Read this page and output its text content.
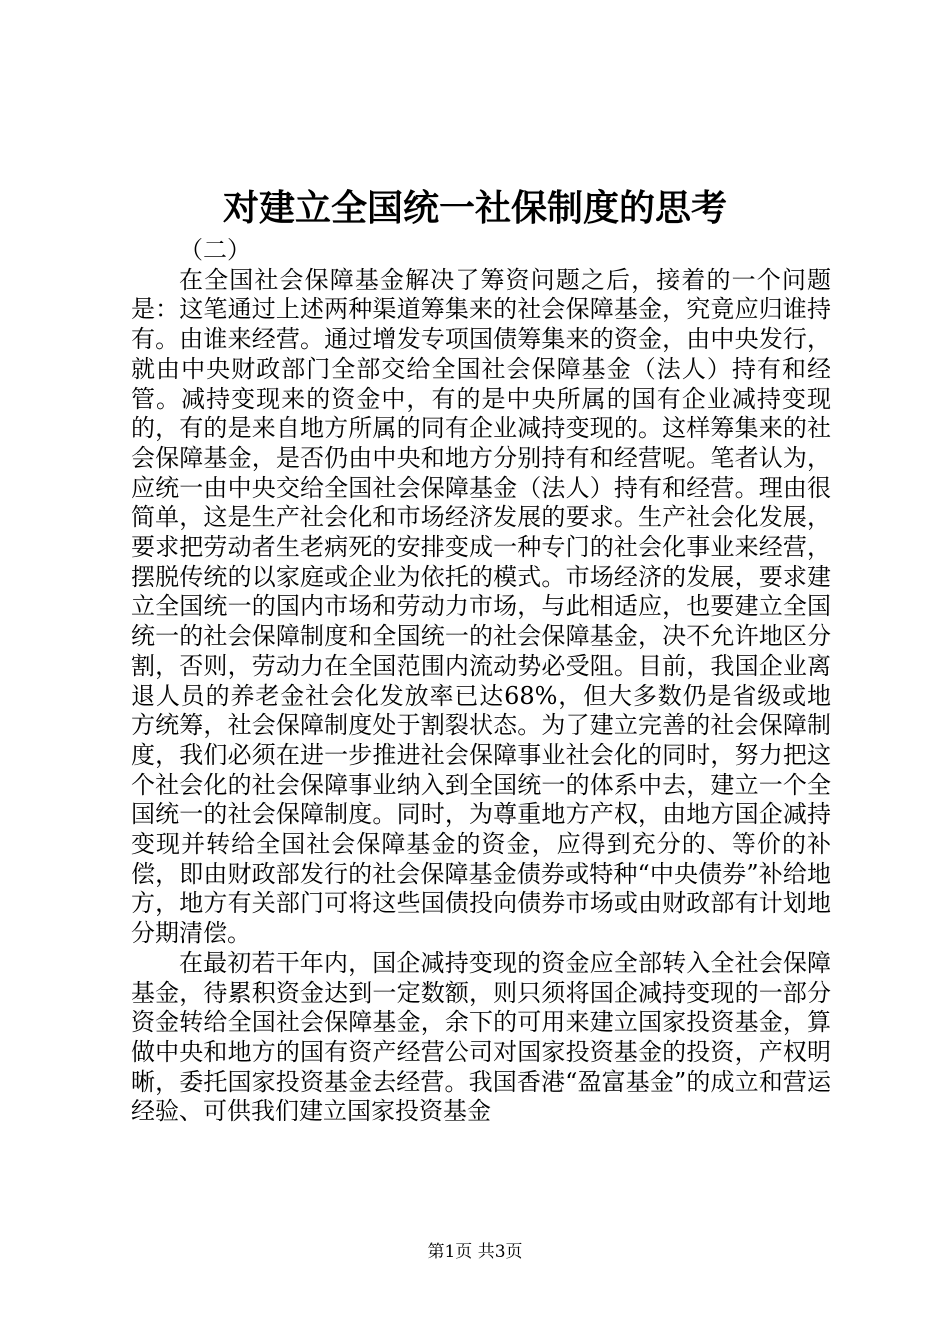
对建立全国统一社保制度的思考

（二）

在全国社会保障基金解决了筹资问题之后，接着的一个问题是：这笔通过上述两种渠道筹集来的社会保障基金，究竟应归谁持有。由谁来经营。通过增发专项国债筹集来的资金，由中央发行，就由中央财政部门全部交给全国社会保障基金（法人）持有和经管。减持变现来的资金中，有的是中央所属的国有企业减持变现的，有的是来自地方所属的同有企业减持变现的。这样筹集来的社会保障基金，是否仍由中央和地方分别持有和经营呢。笔者认为，应统一由中央交给全国社会保障基金（法人）持有和经营。理由很简单，这是生产社会化和市场经济发展的要求。生产社会化发展，要求把劳动者生老病死的安排变成一种专门的社会化事业来经营，摆脱传统的以家庭或企业为依托的模式。市场经济的发展，要求建立全国统一的国内市场和劳动力市场，与此相适应，也要建立全国统一的社会保障制度和全国统一的社会保障基金，决不允许地区分割，否则，劳动力在全国范围内流动势必受阻。目前，我国企业离退人员的养老金社会化发放率已达68%，但大多数仍是省级或地方统筹，社会保障制度处于割裂状态。为了建立完善的社会保障制度，我们必须在进一步推进社会保障事业社会化的同时，努力把这个社会化的社会保障事业纳入到全国统一的体系中去，建立一个全国统一的社会保障制度。同时，为尊重地方产权，由地方国企减持变现并转给全国社会保障基金的资金，应得到充分的、等价的补偿，即由财政部发行的社会保障基金债券或特种“中央债券”补给地方，地方有关部门可将这些国债投向债券市场或由财政部有计划地分期清偿。

在最初若干年内，国企减持变现的资金应全部转入全社会保障基金，待累积资金达到一定数额，则只须将国企减持变现的一部分资金转给全国社会保障基金，余下的可用来建立国家投资基金，算做中央和地方的国有资产经营公司对国家投资基金的投资，产权明晰，委托国家投资基金去经营。我国香港“盈富基金”的成立和营运经验、可供我们建立国家投资基金

第1页 共3页
